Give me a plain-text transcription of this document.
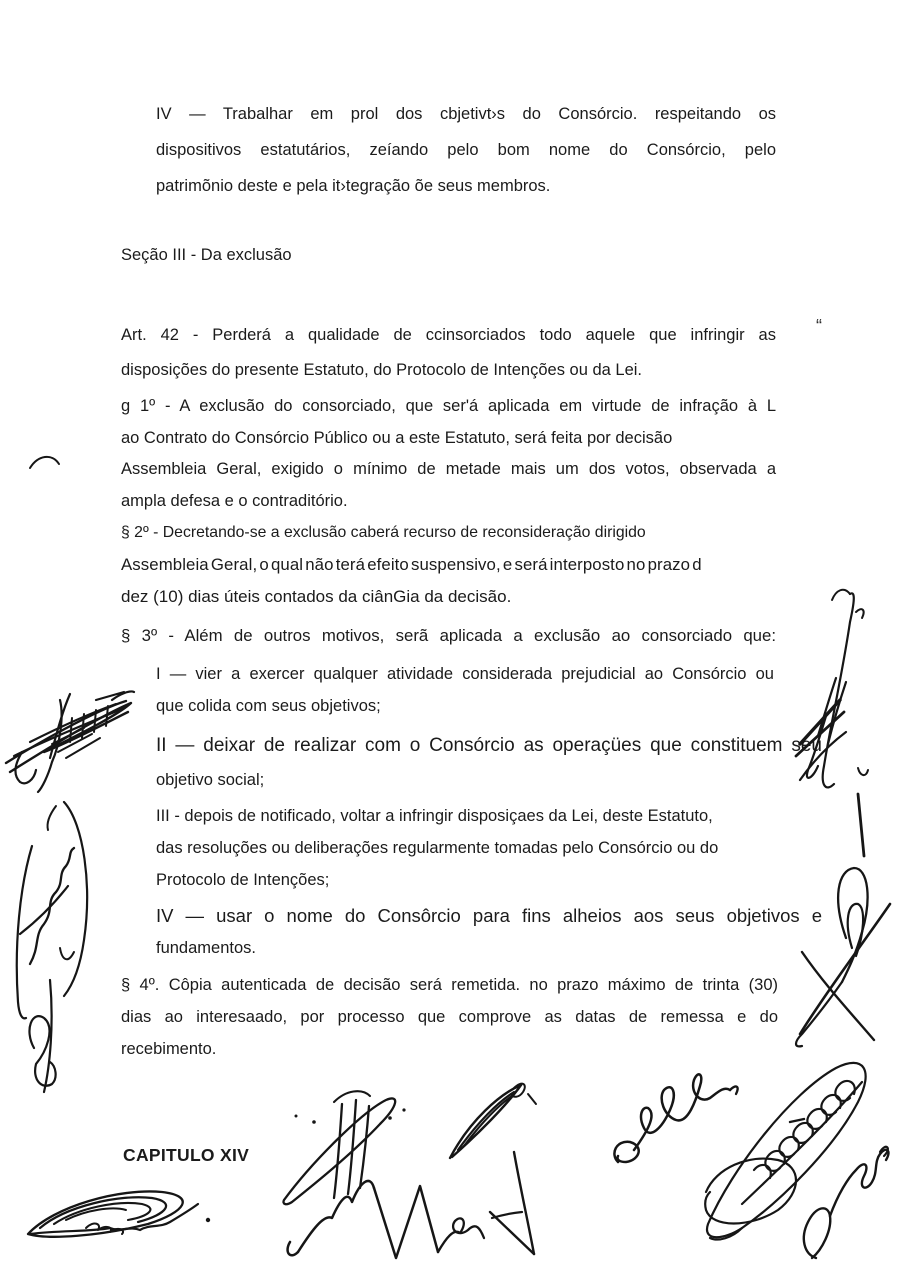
IV — Trabalhar em prol dos cbjetivt›s do Consórcio. respeitando os
dispositivos estatutários, zeíando pelo bom nome do Consórcio, pelo
patrimõnio deste e pela it›tegração õe seus membros.
Seção III - Da exclusão
Art. 42 - Perderá a qualidade de ccinsorciados todo aquele que infringir as
disposições do presente Estatuto, do Protocolo de Intenções ou da Lei.
“
g 1º - A exclusão do consorciado, que ser'á aplicada em virtude de infração à L
ao Contrato do Consórcio Público ou a este Estatuto, será feita por decisão
Assembleia Geral, exigido o mínimo de metade mais um dos votos, observada a
ampla defesa e o contraditório.
§ 2º - Decretando-se a exclusão caberá recurso de reconsideração dirigido
Assembleia Geral, o qual não terá efeito suspensivo, e será interposto no prazo d
dez (10) dias úteis contados da ciânGia da decisão.
§ 3º - Além de outros motivos, serã aplicada a exclusão ao consorciado que:
I — vier a exercer qualquer atividade considerada prejudicial ao Consórcio ou
que colida com seus objetivos;
II — deixar de realizar com o Consórcio as operaçües que constituem seu
objetivo social;
III - depois de notificado, voltar a infringir disposiçaes da Lei, deste Estatuto,
das resoluções ou deliberações regularmente tomadas pelo Consórcio ou do
Protocolo de Intenções;
IV — usar o nome do Consôrcio para fins alheios aos seus objetivos e
fundamentos.
§ 4º. Côpia autenticada de decisão será remetida. no prazo máximo de trinta (30)
dias ao interesaado, por processo que comprove as datas de remessa e do
recebimento.
CAPITULO XIV
